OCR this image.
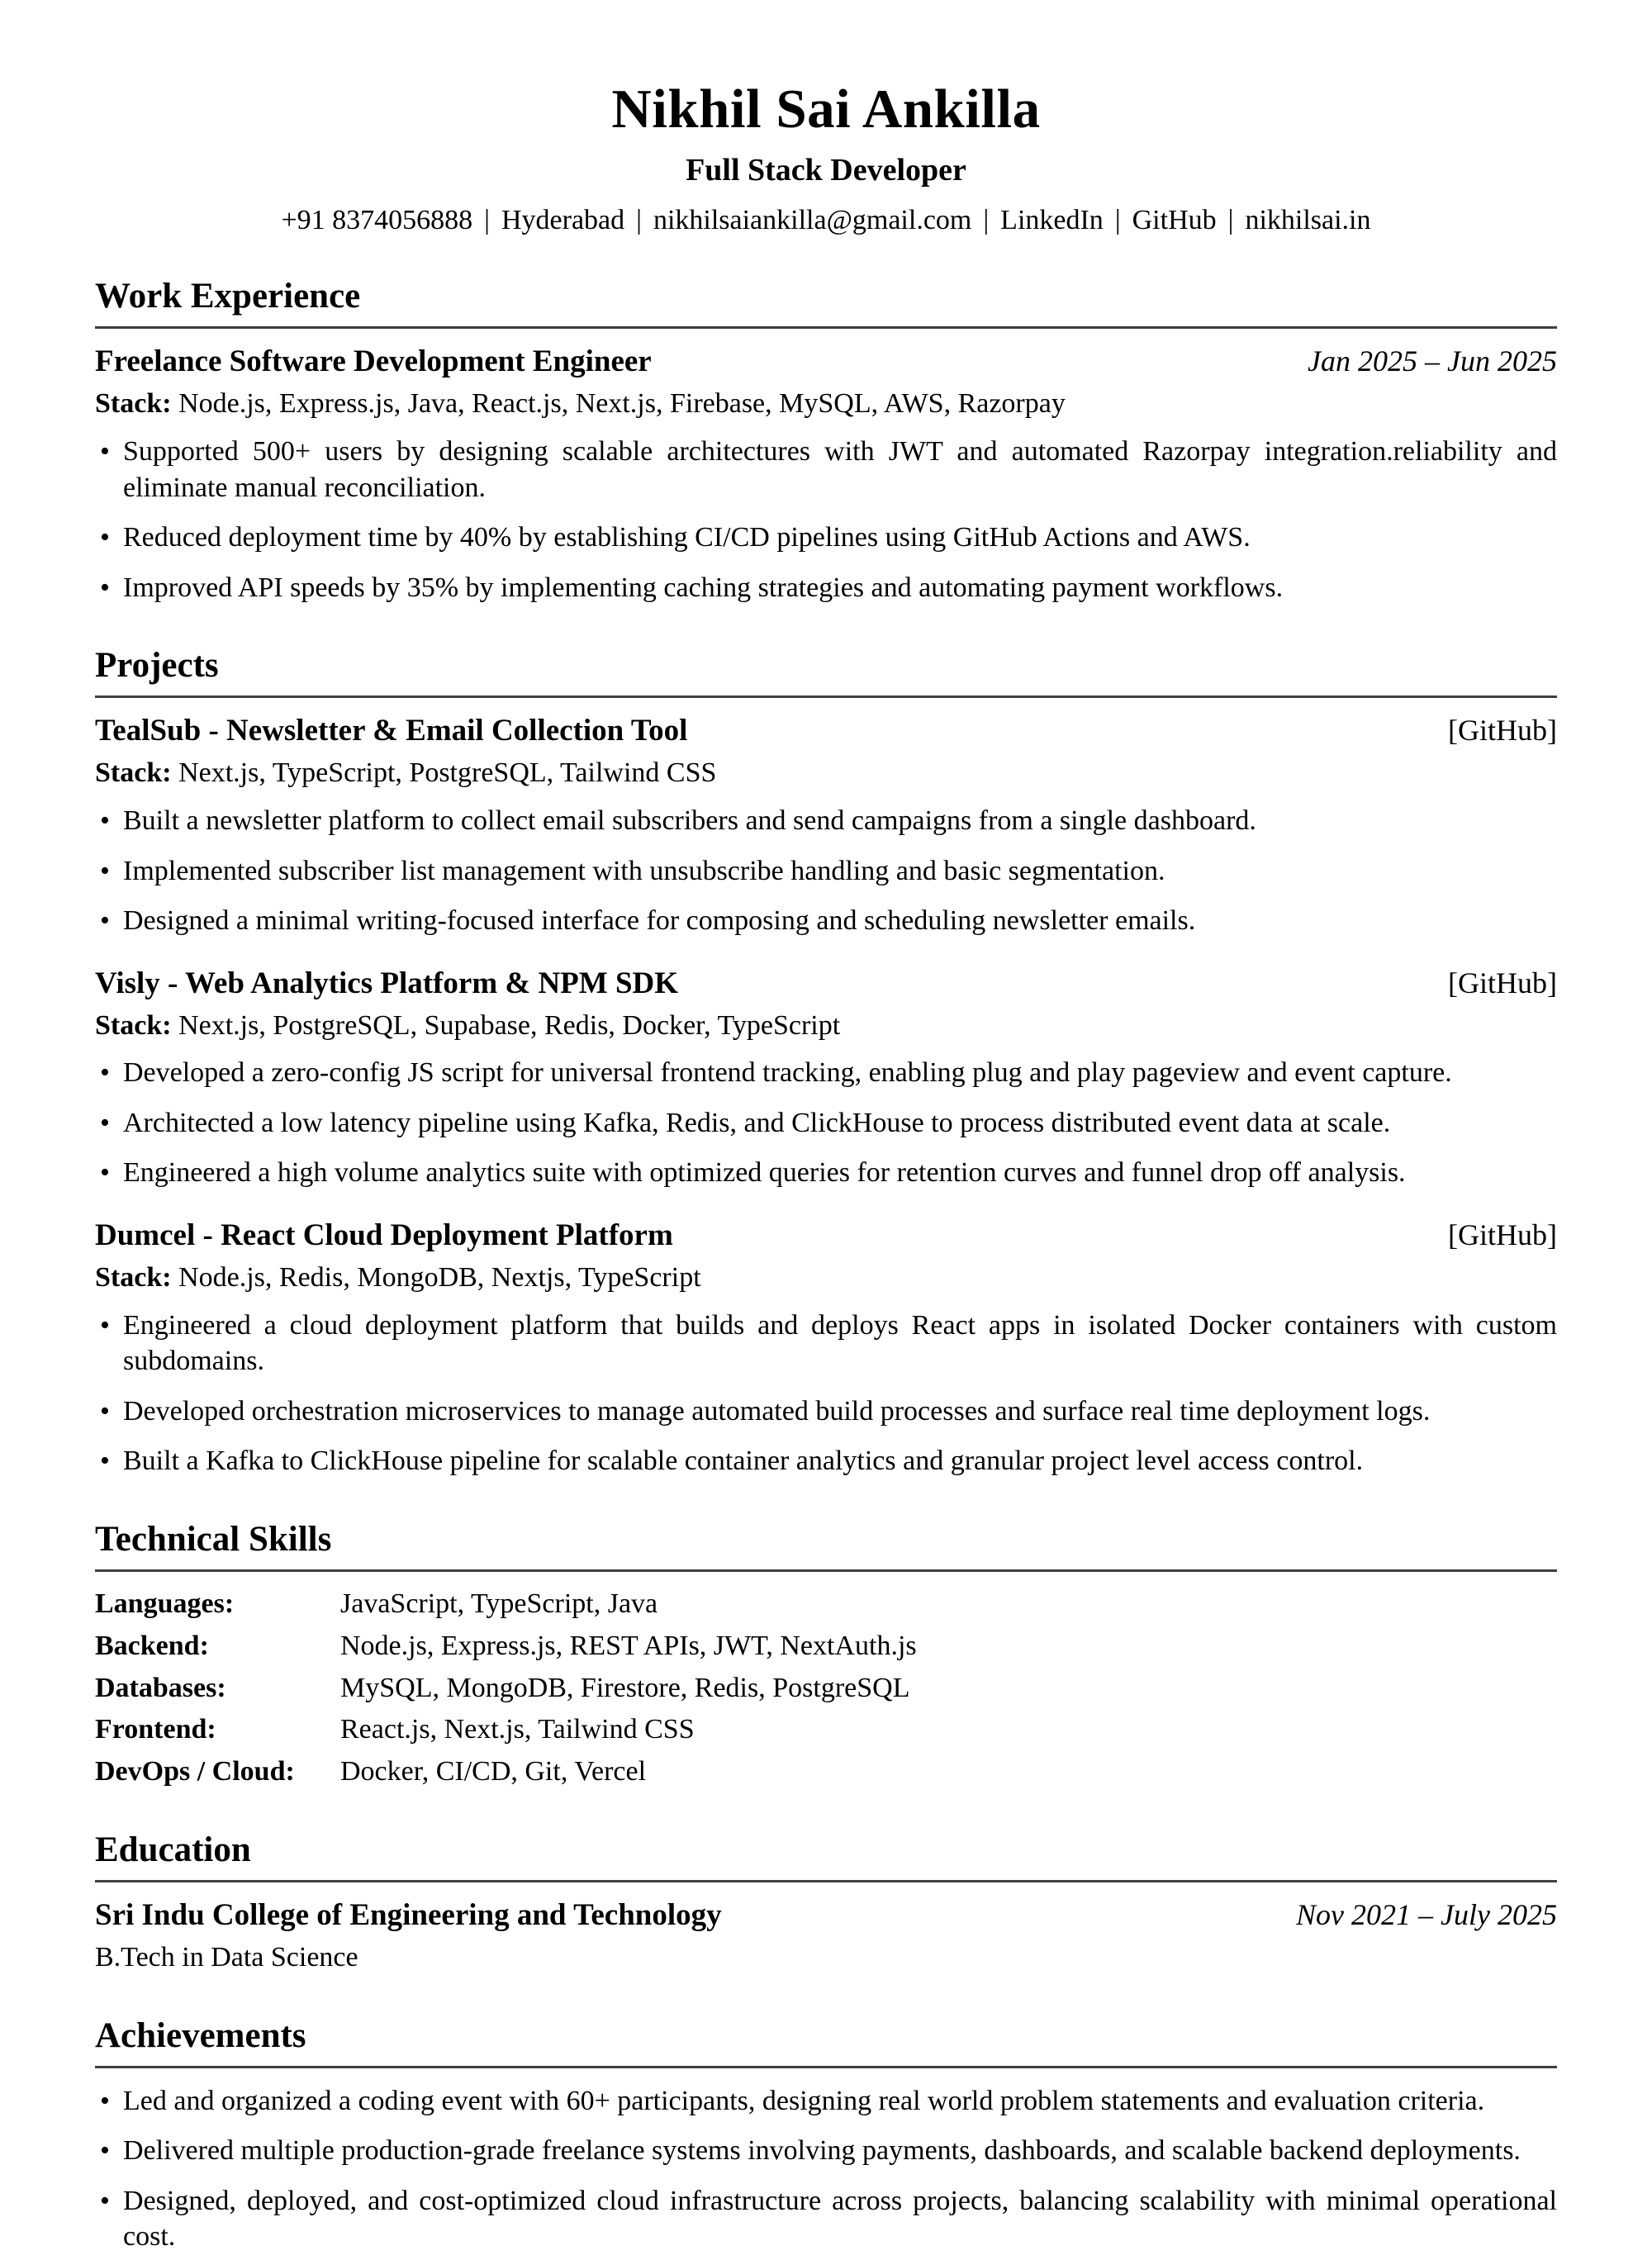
Nikhil Sai Ankilla
Full Stack Developer
+91 8374056888 | Hyderabad | nikhilsaiankilla@gmail.com | LinkedIn | GitHub | nikhilsai.in
Work Experience
Freelance Software Development Engineer	Jan 2025 – Jun 2025
Stack: Node.js, Express.js, Java, React.js, Next.js, Firebase, MySQL, AWS, Razorpay
• Supported 500+ users by designing scalable architectures with JWT and automated Razorpay integration.reliability and eliminate manual reconciliation.
• Reduced deployment time by 40% by establishing CI/CD pipelines using GitHub Actions and AWS.
• Improved API speeds by 35% by implementing caching strategies and automating payment workflows.
Projects
TealSub - Newsletter & Email Collection Tool	[GitHub]
Stack: Next.js, TypeScript, PostgreSQL, Tailwind CSS
• Built a newsletter platform to collect email subscribers and send campaigns from a single dashboard.
• Implemented subscriber list management with unsubscribe handling and basic segmentation.
• Designed a minimal writing-focused interface for composing and scheduling newsletter emails.
Visly - Web Analytics Platform & NPM SDK	[GitHub]
Stack: Next.js, PostgreSQL, Supabase, Redis, Docker, TypeScript
• Developed a zero-config JS script for universal frontend tracking, enabling plug and play pageview and event capture.
• Architected a low latency pipeline using Kafka, Redis, and ClickHouse to process distributed event data at scale.
• Engineered a high volume analytics suite with optimized queries for retention curves and funnel drop off analysis.
Dumcel - React Cloud Deployment Platform	[GitHub]
Stack: Node.js, Redis, MongoDB, Nextjs, TypeScript
• Engineered a cloud deployment platform that builds and deploys React apps in isolated Docker containers with custom subdomains.
• Developed orchestration microservices to manage automated build processes and surface real time deployment logs.
• Built a Kafka to ClickHouse pipeline for scalable container analytics and granular project level access control.
Technical Skills
Languages:	JavaScript, TypeScript, Java
Backend:	Node.js, Express.js, REST APIs, JWT, NextAuth.js
Databases:	MySQL, MongoDB, Firestore, Redis, PostgreSQL
Frontend:	React.js, Next.js, Tailwind CSS
DevOps / Cloud:	Docker, CI/CD, Git, Vercel
Education
Sri Indu College of Engineering and Technology	Nov 2021 – July 2025
B.Tech in Data Science
Achievements
• Led and organized a coding event with 60+ participants, designing real world problem statements and evaluation criteria.
• Delivered multiple production-grade freelance systems involving payments, dashboards, and scalable backend deployments.
• Designed, deployed, and cost-optimized cloud infrastructure across projects, balancing scalability with minimal operational cost.
